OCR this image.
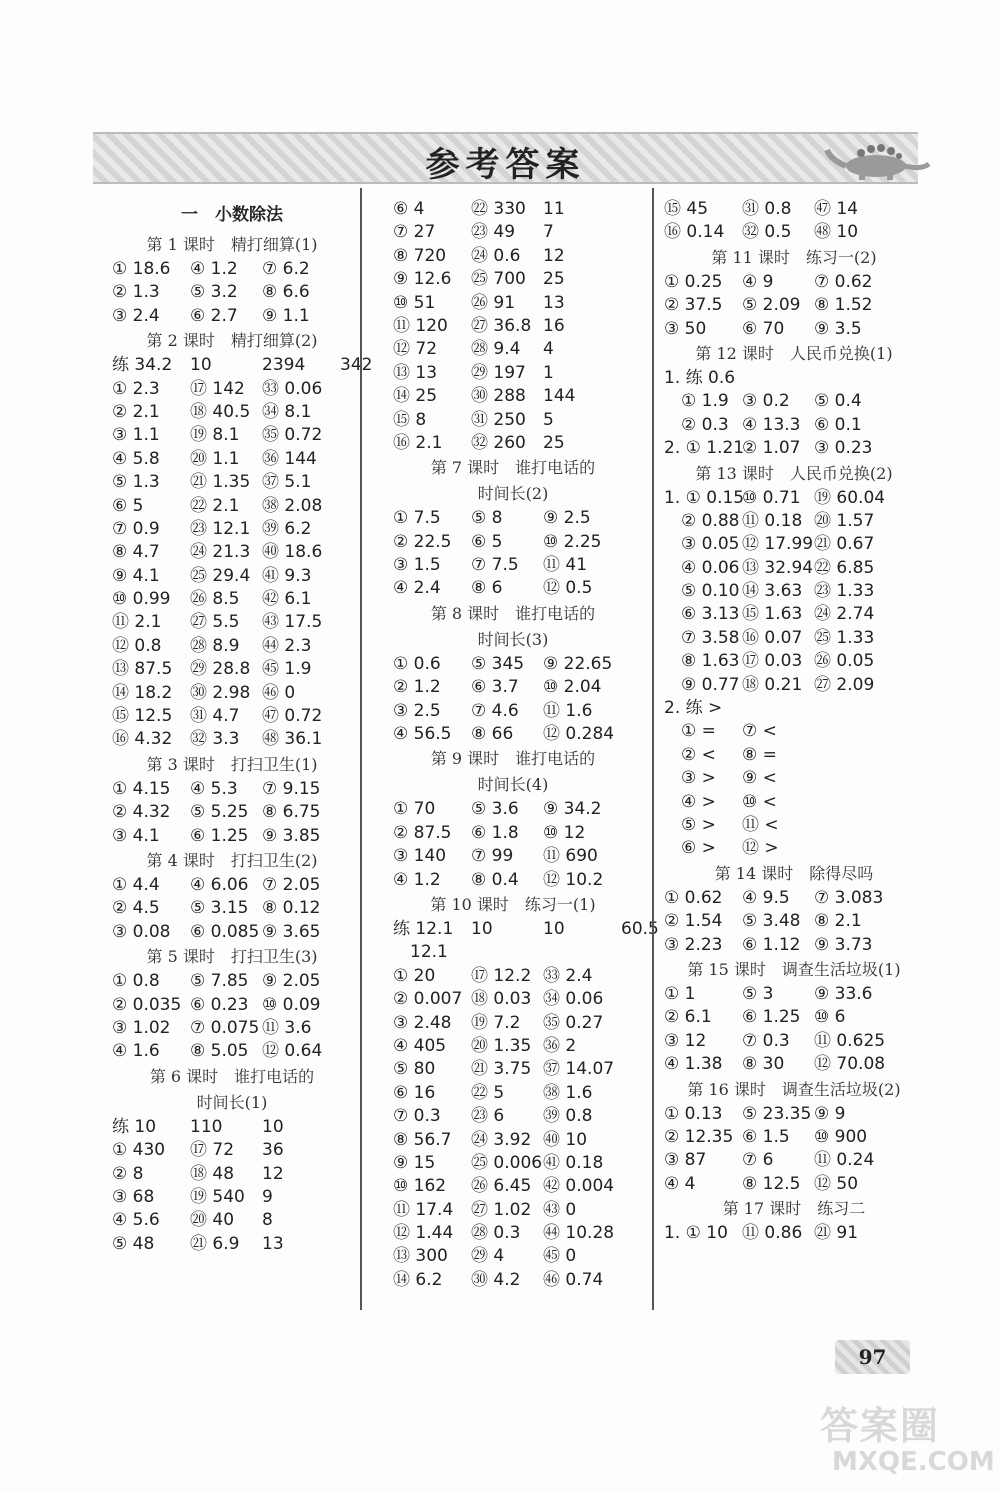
参考答案
一　小数除法
第 1 课时　精打细算(1)
① 18.6 ④ 1.2 ⑦ 6.2
② 1.3 ⑤ 3.2 ⑧ 6.6
③ 2.4 ⑥ 2.7 ⑨ 1.1
第 2 课时　精打细算(2)
练 34.2 10	2394 342
① 2.3 ⑰ 142 ㉝ 0.06
② 2.1 ⑱ 40.5 ㉞ 8.1
③ 1.1 ⑲ 8.1 ㉟ 0.72
④ 5.8 ⑳ 1.1 ㊱ 144
⑤ 1.3 ㉑ 1.35 ㊲ 5.1
⑥ 5	㉒ 2.1 ㊳ 2.08
⑦ 0.9 ㉓ 12.1 ㊴ 6.2
⑧ 4.7 ㉔ 21.3 ㊵ 18.6
⑨ 4.1 ㉕ 29.4 ㊶ 9.3
⑩ 0.99 ㉖ 8.5 ㊷ 6.1
⑪ 2.1 ㉗ 5.5 ㊸ 17.5
⑫ 0.8 ㉘ 8.9 ㊹ 2.3
⑬ 87.5 ㉙ 28.8 ㊺ 1.9
⑭ 18.2 ㉚ 2.98 ㊻ 0
⑮ 12.5 ㉛ 4.7 ㊼ 0.72
⑯ 4.32 ㉜ 3.3 ㊽ 36.1
第 3 课时　打扫卫生(1)
① 4.15 ④ 5.3 ⑦ 9.15
② 4.32 ⑤ 5.25 ⑧ 6.75
③ 4.1 ⑥ 1.25 ⑨ 3.85
第 4 课时　打扫卫生(2)
① 4.4 ④ 6.06 ⑦ 2.05
② 4.5 ⑤ 3.15 ⑧ 0.12
③ 0.08 ⑥ 0.085 ⑨ 3.65
第 5 课时　打扫卫生(3)
① 0.8 ⑤ 7.85 ⑨ 2.05
② 0.035 ⑥ 0.23 ⑩ 0.09
③ 1.02 ⑦ 0.075 ⑪ 3.6
④ 1.6 ⑧ 5.05 ⑫ 0.64
第 6 课时　谁打电话的
时间长(1)
练 10 110 10
① 430 ⑰ 72 36
② 8	⑱ 48 12
③ 68 ⑲ 540 9
④ 5.6 ⑳ 40 8
⑤ 48 ㉑ 6.9 13
⑥ 4	㉒ 330 11
⑦ 27 ㉓ 49 7
⑧ 720 ㉔ 0.6 12
⑨ 12.6 ㉕ 700 25
⑩ 51 ㉖ 91 13
⑪ 120 ㉗ 36.8 16
⑫ 72 ㉘ 9.4 4
⑬ 13 ㉙ 197 1
⑭ 25 ㉚ 288 144
⑮ 8	㉛ 250 5
⑯ 2.1 ㉜ 260 25
第 7 课时　谁打电话的
时间长(2)
① 7.5 ⑤ 8 ⑨ 2.5
② 22.5 ⑥ 5 ⑩ 2.25
③ 1.5 ⑦ 7.5 ⑪ 41
④ 2.4 ⑧ 6 ⑫ 0.5
第 8 课时　谁打电话的
时间长(3)
① 0.6 ⑤ 345 ⑨ 22.65
② 1.2 ⑥ 3.7 ⑩ 2.04
③ 2.5 ⑦ 4.6 ⑪ 1.6
④ 56.5 ⑧ 66 ⑫ 0.284
第 9 课时　谁打电话的
时间长(4)
① 70 ⑤ 3.6 ⑨ 34.2
② 87.5 ⑥ 1.8 ⑩ 12
③ 140 ⑦ 99 ⑪ 690
④ 1.2 ⑧ 0.4 ⑫ 10.2
第 10 课时　练习一(1)
练 12.1 10	10	60.5
　12.1
① 20 ⑰ 12.2 ㉝ 2.4
② 0.007 ⑱ 0.03 ㉞ 0.06
③ 2.48 ⑲ 7.2 ㉟ 0.27
④ 405 ⑳ 1.35 ㊱ 2
⑤ 80 ㉑ 3.75 ㊲ 14.07
⑥ 16 ㉒ 5 ㊳ 1.6
⑦ 0.3 ㉓ 6 ㊴ 0.8
⑧ 56.7 ㉔ 3.92 ㊵ 10
⑨ 15 ㉕ 0.006㊶ 0.18
⑩ 162 ㉖ 6.45 ㊷ 0.004
⑪ 17.4 ㉗ 1.02 ㊸ 0
⑫ 1.44 ㉘ 0.3 ㊹ 10.28
⑬ 300 ㉙ 4 ㊺ 0
⑭ 6.2 ㉚ 4.2 ㊻ 0.74
⑮ 45 ㉛ 0.8 ㊼ 14
⑯ 0.14 ㉜ 0.5 ㊽ 10
第 11 课时　练习一(2)
① 0.25 ④ 9 ⑦ 0.62
② 37.5 ⑤ 2.09 ⑧ 1.52
③ 50 ⑥ 70 ⑨ 3.5
第 12 课时　人民币兑换(1)
1. 练 0.6
　① 1.9 ③ 0.2 ⑤ 0.4
　② 0.3 ④ 13.3 ⑥ 0.1
2. ① 1.21② 1.07 ③ 0.23
第 13 课时　人民币兑换(2)
1. ① 0.15⑩ 0.71 ⑲ 60.04
　② 0.88 ⑪ 0.18 ⑳ 1.57
　③ 0.05 ⑫ 17.99㉑ 0.67
　④ 0.06 ⑬ 32.94㉒ 6.85
　⑤ 0.10 ⑭ 3.63 ㉓ 1.33
　⑥ 3.13 ⑮ 1.63 ㉔ 2.74
　⑦ 3.58 ⑯ 0.07 ㉕ 1.33
　⑧ 1.63 ⑰ 0.03 ㉖ 0.05
　⑨ 0.77 ⑱ 0.21 ㉗ 2.09
2. 练 >
　① = ⑦ <
　② < ⑧ =
　③ > ⑨ <
　④ > ⑩ <
　⑤ > ⑪ <
　⑥ > ⑫ >
第 14 课时　除得尽吗
① 0.62 ④ 9.5 ⑦ 3.083
② 1.54 ⑤ 3.48 ⑧ 2.1
③ 2.23 ⑥ 1.12 ⑨ 3.73
第 15 课时　调查生活垃圾(1)
① 1	⑤ 3 ⑨ 33.6
② 6.1 ⑥ 1.25 ⑩ 6
③ 12 ⑦ 0.3 ⑪ 0.625
④ 1.38 ⑧ 30 ⑫ 70.08
第 16 课时　调查生活垃圾(2)
① 0.13 ⑤ 23.35 ⑨ 9
② 12.35 ⑥ 1.5 ⑩ 900
③ 87 ⑦ 6 ⑪ 0.24
④ 4	⑧ 12.5 ⑫ 50
第 17 课时　练习二
1. ① 10 ⑪ 0.86 ㉑ 91
97
答案圈
MXQE.COM
